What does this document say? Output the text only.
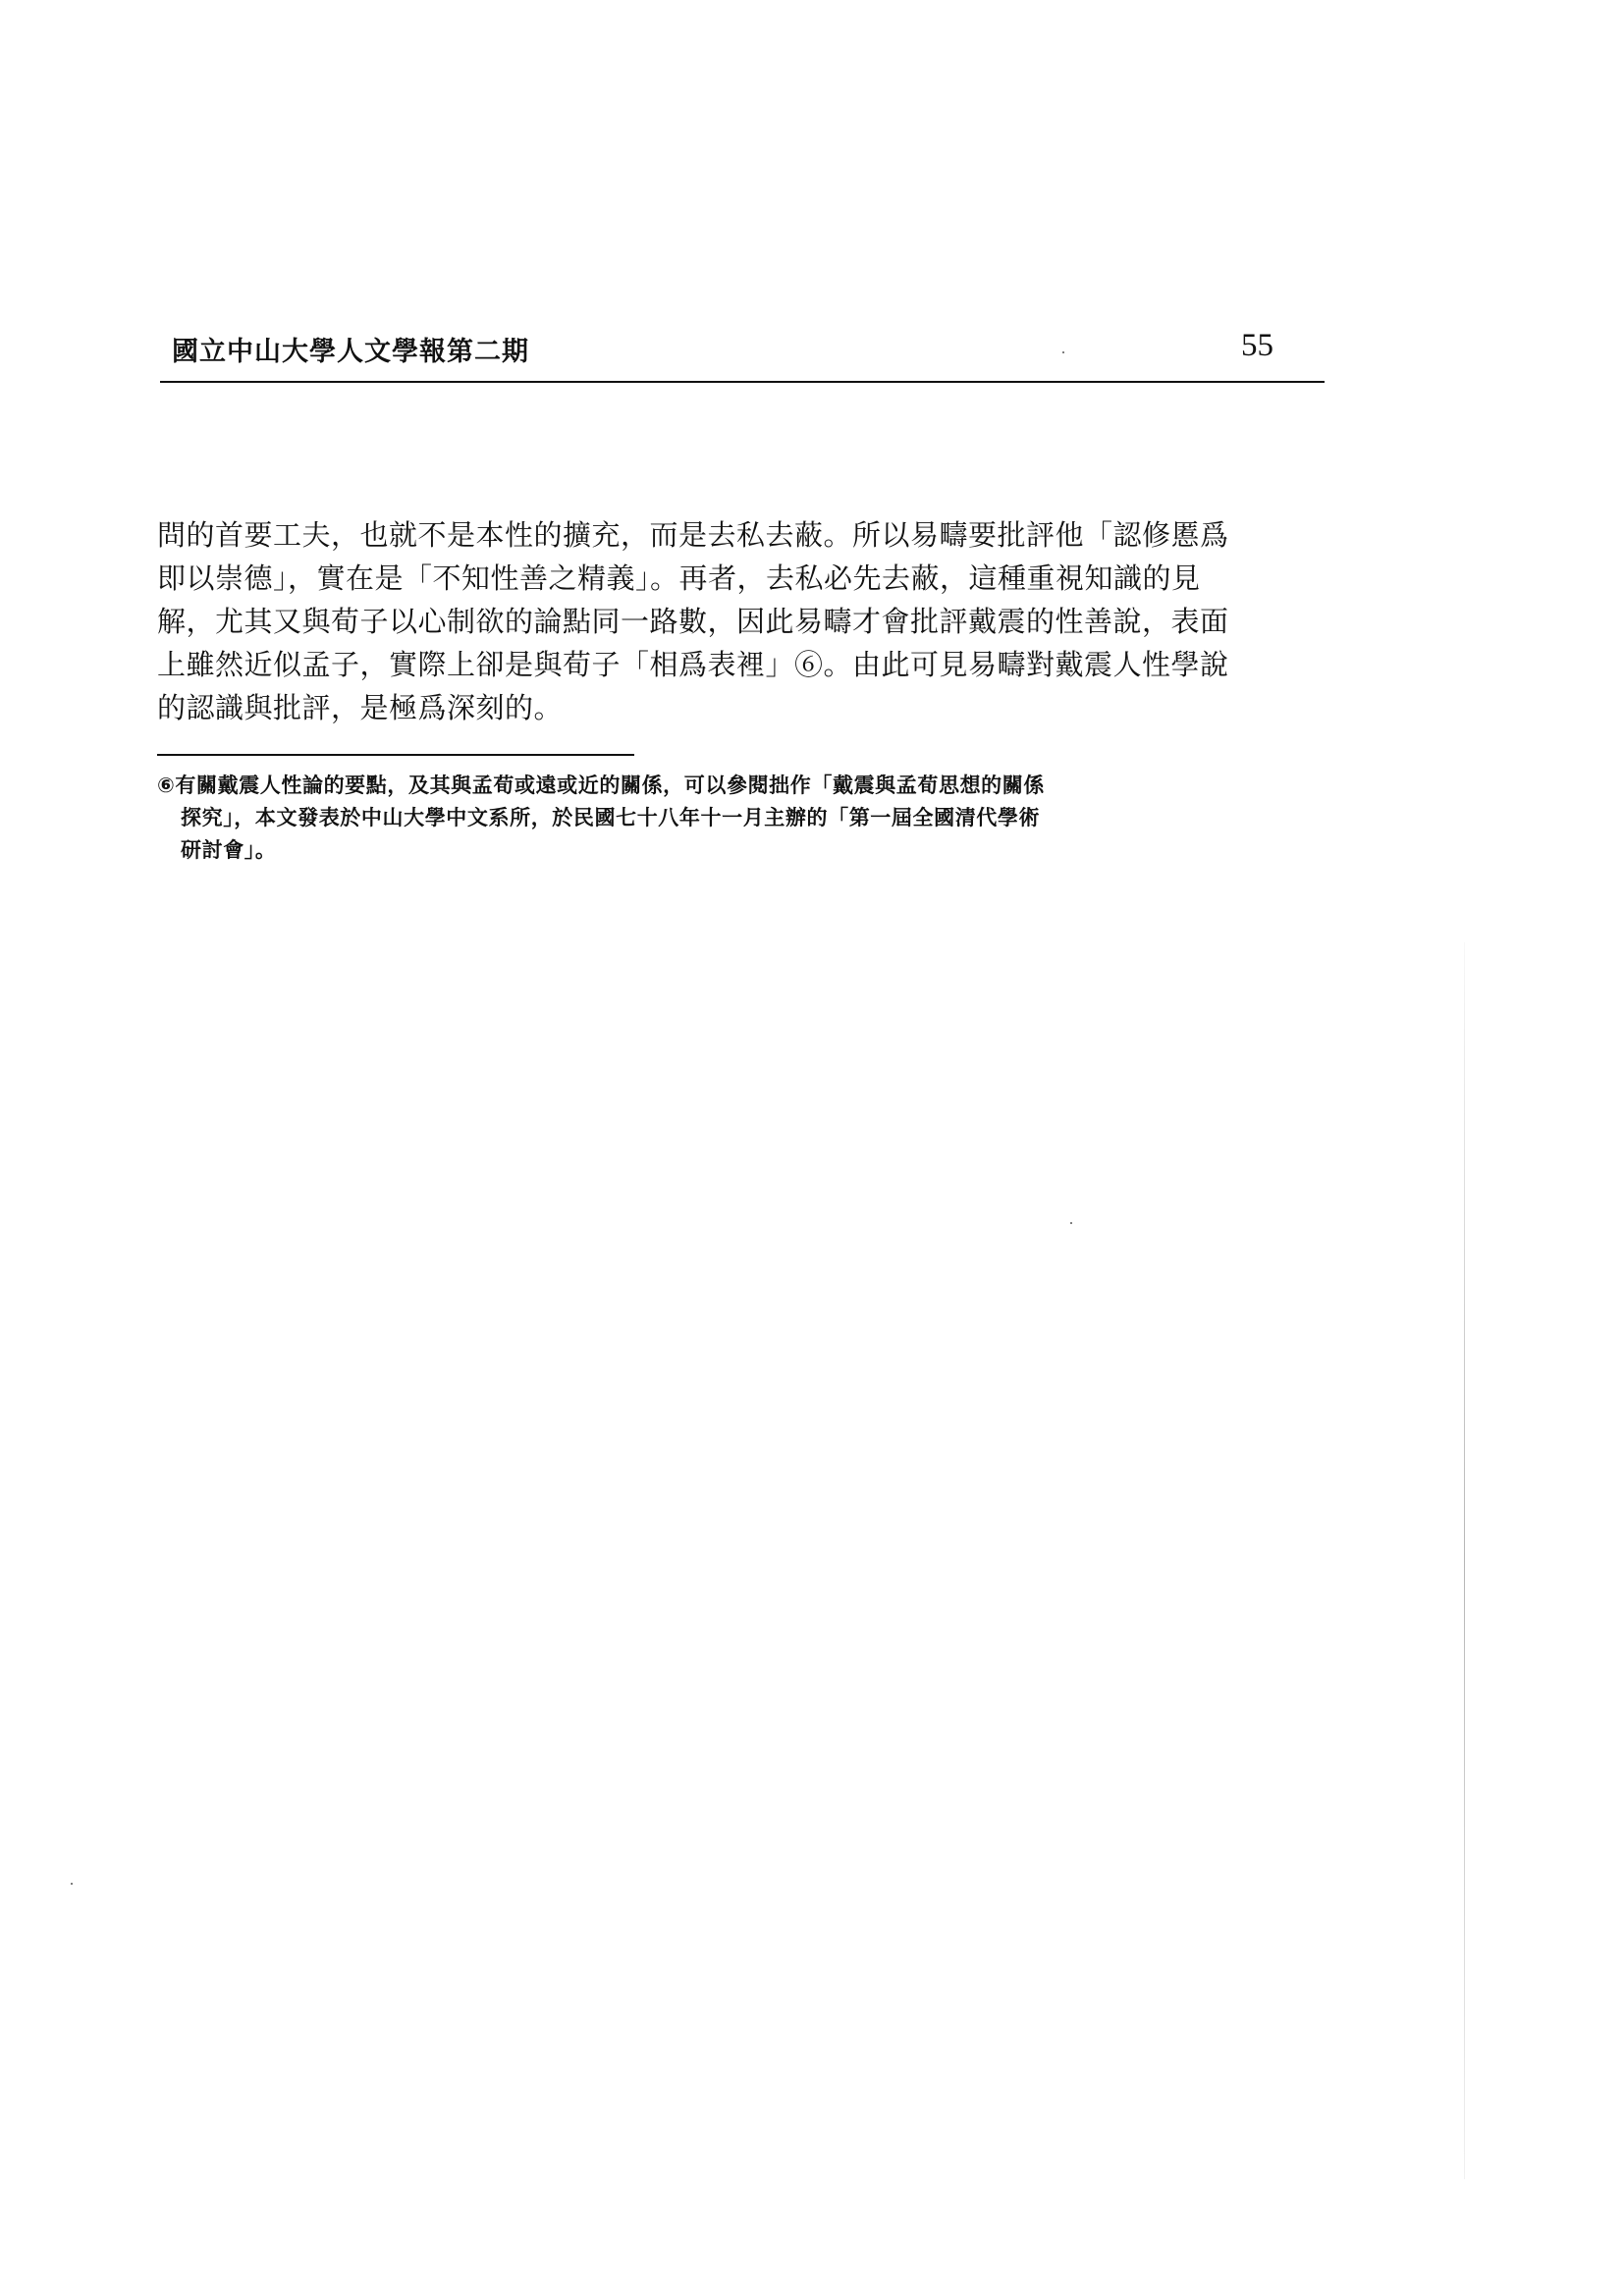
國立中山大學人文學報第二期	55
問的首要工夫，也就不是本性的擴充，而是去私去蔽。所以易疇要批評他「認修慝爲
即以崇德」，實在是「不知性善之精義」。再者，去私必先去蔽，這種重視知識的見
解，尤其又與荀子以心制欲的論點同一路數，因此易疇才會批評戴震的性善說，表面
上雖然近似孟子，實際上卻是與荀子「相爲表裡」⑥。由此可見易疇對戴震人性學說
的認識與批評，是極爲深刻的。
⑥有關戴震人性論的要點，及其與孟荀或遠或近的關係，可以參閱拙作「戴震與孟荀思想的關係
探究」，本文發表於中山大學中文系所，於民國七十八年十一月主辦的「第一屆全國清代學術
研討會」。
